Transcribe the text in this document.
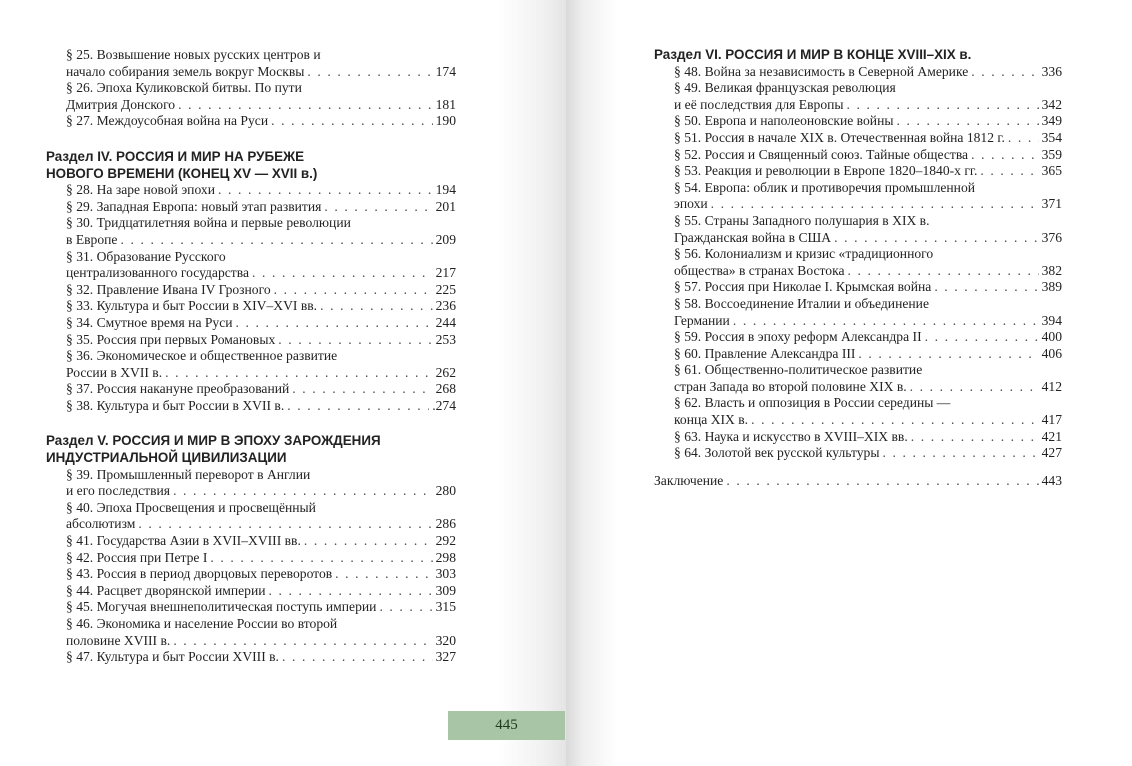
§ 25. Возвышение новых русских центров и
начало собирания земель вокруг Москвы . . .	174
§ 26. Эпоха Куликовской битвы. По пути
Дмитрия Донского . . .	181
§ 27. Междоусобная война на Руси . . .	190
Раздел IV. РОССИЯ И МИР НА РУБЕЖЕ
НОВОГО ВРЕМЕНИ (КОНЕЦ XV — XVII в.)
§ 28. На заре новой эпохи . . .	194
§ 29. Западная Европа: новый этап развития . . .	201
§ 30. Тридцатилетняя война и первые революции
в Европе . . .	209
§ 31. Образование Русского
централизованного государства . . .	217
§ 32. Правление Ивана IV Грозного . . .	225
§ 33. Культура и быт России в XIV–XVI вв. . . .	236
§ 34. Смутное время на Руси . . .	244
§ 35. Россия при первых Романовых . . .	253
§ 36. Экономическое и общественное развитие
России в XVII в. . . .	262
§ 37. Россия накануне преобразований . . .	268
§ 38. Культура и быт России в XVII в. . . .	.274
Раздел V. РОССИЯ И МИР В ЭПОХУ ЗАРОЖДЕНИЯ
ИНДУСТРИАЛЬНОЙ ЦИВИЛИЗАЦИИ
§ 39. Промышленный переворот в Англии
и его последствия . . .	280
§ 40. Эпоха Просвещения и просвещённый
абсолютизм . . .	286
§ 41. Государства Азии в XVII–XVIII вв. . . .	292
§ 42. Россия при Петре I . . .	298
§ 43. Россия в период дворцовых переворотов . . .	303
§ 44. Расцвет дворянской империи . . .	309
§ 45. Могучая внешнеполитическая поступь империи . . .	315
§ 46. Экономика и население России во второй
половине XVIII в. . . .	320
§ 47. Культура и быт России XVIII в. . . .	327
445
Раздел VI. РОССИЯ И МИР В КОНЦЕ XVIII–XIX в.
§ 48. Война за независимость в Северной Америке . . .	336
§ 49. Великая французская революция
и её последствия для Европы . . .	342
§ 50. Европа и наполеоновские войны . . .	349
§ 51. Россия в начале XIX в. Отечественная война 1812 г. . . .	354
§ 52. Россия и Священный союз. Тайные общества . . .	359
§ 53. Реакция и революции в Европе 1820–1840-х гг. . . .	365
§ 54. Европа: облик и противоречия промышленной
эпохи . . .	371
§ 55. Страны Западного полушария в XIX в.
Гражданская война в США . . .	376
§ 56. Колониализм и кризис «традиционного
общества» в странах Востока . . .	382
§ 57. Россия при Николае I. Крымская война . . .	389
§ 58. Воссоединение Италии и объединение
Германии . . .	394
§ 59. Россия в эпоху реформ Александра II . . .	400
§ 60. Правление Александра III . . .	406
§ 61. Общественно-политическое развитие
стран Запада во второй половине XIX в. . . .	412
§ 62. Власть и оппозиция в России середины —
конца XIX в. . . .	417
§ 63. Наука и искусство в XVIII–XIX вв. . . .	421
§ 64. Золотой век русской культуры . . .	427
Заключение . . .	443
